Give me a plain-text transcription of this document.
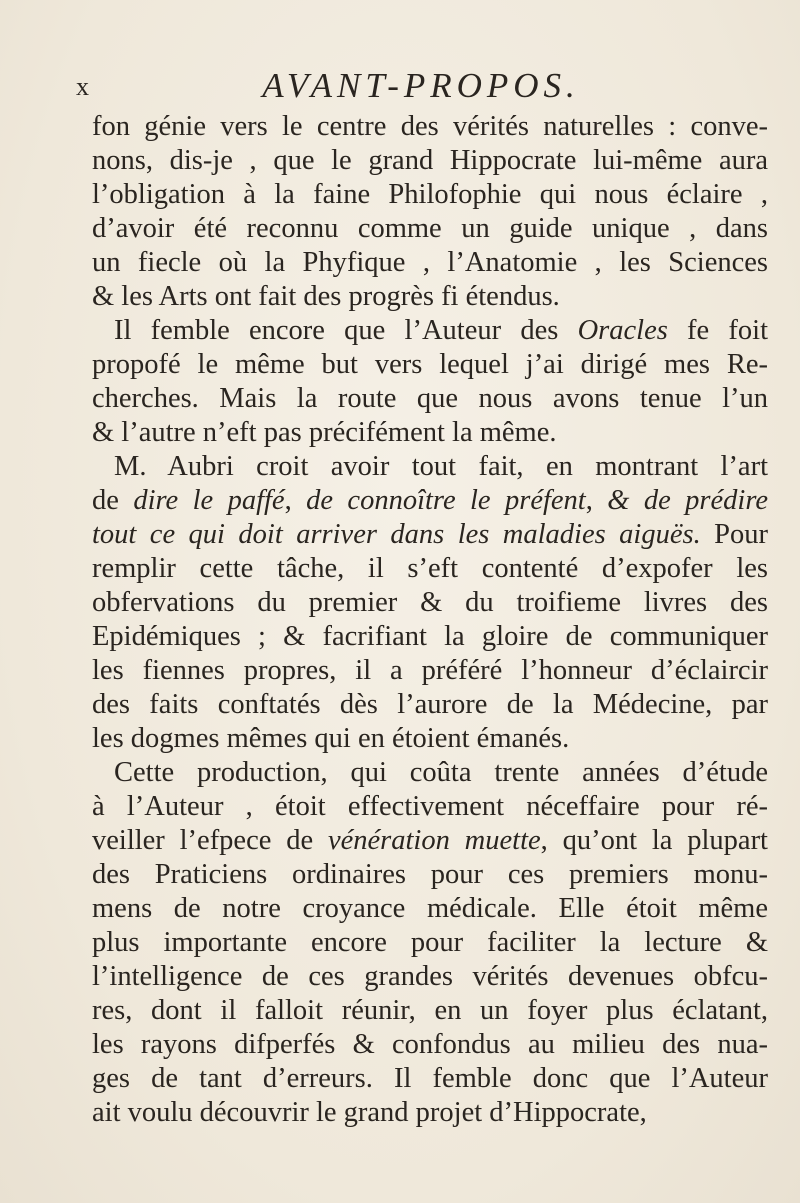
x	AVANT-PROPOS.
fon génie vers le centre des vérités naturelles : conve-
nons, dis-je , que le grand Hippocrate lui-même aura
l’obligation à la faine Philofophie qui nous éclaire ,
d’avoir été reconnu comme un guide unique , dans
un fiecle où la Phyfique , l’Anatomie , les Sciences
& les Arts ont fait des progrès fi étendus.
Il femble encore que l’Auteur des Oracles fe foit
propofé le même but vers lequel j’ai dirigé mes Re-
cherches. Mais la route que nous avons tenue l’un
& l’autre n’eft pas précifément la même.
M. Aubri croit avoir tout fait, en montrant l’art
de dire le paffé, de connoître le préfent, & de prédire
tout ce qui doit arriver dans les maladies aiguës. Pour
remplir cette tâche, il s’eft contenté d’expofer les
obfervations du premier & du troifieme livres des
Epidémiques ; & facrifiant la gloire de communiquer
les fiennes propres, il a préféré l’honneur d’éclaircir
des faits conftatés dès l’aurore de la Médecine, par
les dogmes mêmes qui en étoient émanés.
Cette production, qui coûta trente années d’étude
à l’Auteur , étoit effectivement néceffaire pour ré-
veiller l’efpece de vénération muette, qu’ont la plupart
des Praticiens ordinaires pour ces premiers monu-
mens de notre croyance médicale. Elle étoit même
plus importante encore pour faciliter la lecture &
l’intelligence de ces grandes vérités devenues obfcu-
res, dont il falloit réunir, en un foyer plus éclatant,
les rayons difperfés & confondus au milieu des nua-
ges de tant d’erreurs. Il femble donc que l’Auteur
ait voulu découvrir le grand projet d’Hippocrate,
